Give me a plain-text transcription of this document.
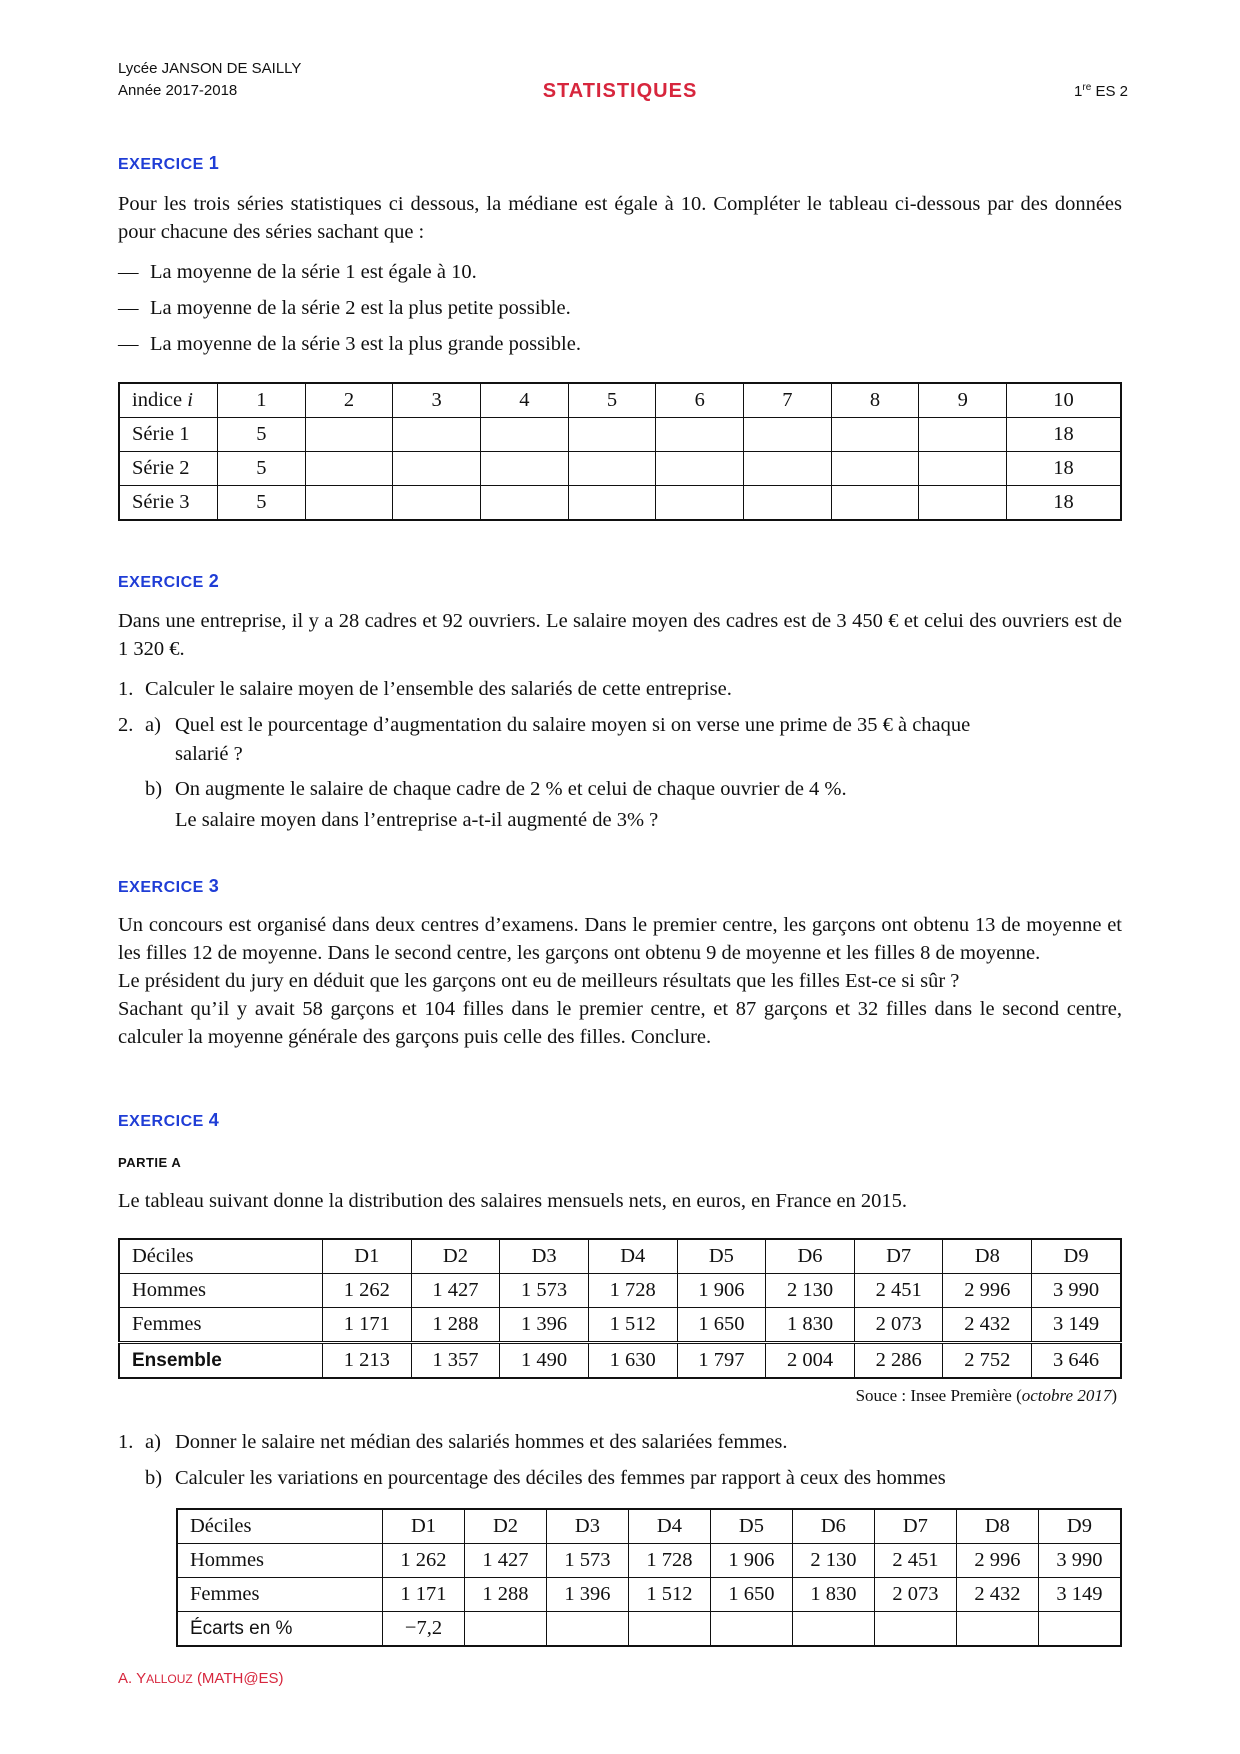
Lycée JANSON DE SAILLY
Année 2017-2018	STATISTIQUES	1re ES 2
EXERCICE 1
Pour les trois séries statistiques ci dessous, la médiane est égale à 10. Compléter le tableau ci-dessous par des données pour chacune des séries sachant que :
— La moyenne de la série 1 est égale à 10.
— La moyenne de la série 2 est la plus petite possible.
— La moyenne de la série 3 est la plus grande possible.
indice i	1	2	3	4	5	6	7	8	9	10
Série 1	5									18
Série 2	5									18
Série 3	5									18
EXERCICE 2
Dans une entreprise, il y a 28 cadres et 92 ouvriers. Le salaire moyen des cadres est de 3 450 € et celui des ouvriers est de 1 320 €.
1. Calculer le salaire moyen de l’ensemble des salariés de cette entreprise.
2. a) Quel est le pourcentage d’augmentation du salaire moyen si on verse une prime de 35 € à chaque
salarié ?
b) On augmente le salaire de chaque cadre de 2 % et celui de chaque ouvrier de 4 %.
Le salaire moyen dans l’entreprise a-t-il augmenté de 3% ?
EXERCICE 3
Un concours est organisé dans deux centres d’examens. Dans le premier centre, les garçons ont obtenu 13 de moyenne et les filles 12 de moyenne. Dans le second centre, les garçons ont obtenu 9 de moyenne et les filles 8 de moyenne.
Le président du jury en déduit que les garçons ont eu de meilleurs résultats que les filles Est-ce si sûr ?
Sachant qu’il y avait 58 garçons et 104 filles dans le premier centre, et 87 garçons et 32 filles dans le second centre, calculer la moyenne générale des garçons puis celle des filles. Conclure.
EXERCICE 4
PARTIE A
Le tableau suivant donne la distribution des salaires mensuels nets, en euros, en France en 2015.
Déciles	D1	D2	D3	D4	D5	D6	D7	D8	D9
Hommes	1 262	1 427	1 573	1 728	1 906	2 130	2 451	2 996	3 990
Femmes	1 171	1 288	1 396	1 512	1 650	1 830	2 073	2 432	3 149
Ensemble	1 213	1 357	1 490	1 630	1 797	2 004	2 286	2 752	3 646
Souce : Insee Première (octobre 2017)
1. a) Donner le salaire net médian des salariés hommes et des salariées femmes.
b) Calculer les variations en pourcentage des déciles des femmes par rapport à ceux des hommes
Déciles	D1	D2	D3	D4	D5	D6	D7	D8	D9
Hommes	1 262	1 427	1 573	1 728	1 906	2 130	2 451	2 996	3 990
Femmes	1 171	1 288	1 396	1 512	1 650	1 830	2 073	2 432	3 149
Écarts en %	−7,2								
A. YALLOUZ (MATH@ES)
